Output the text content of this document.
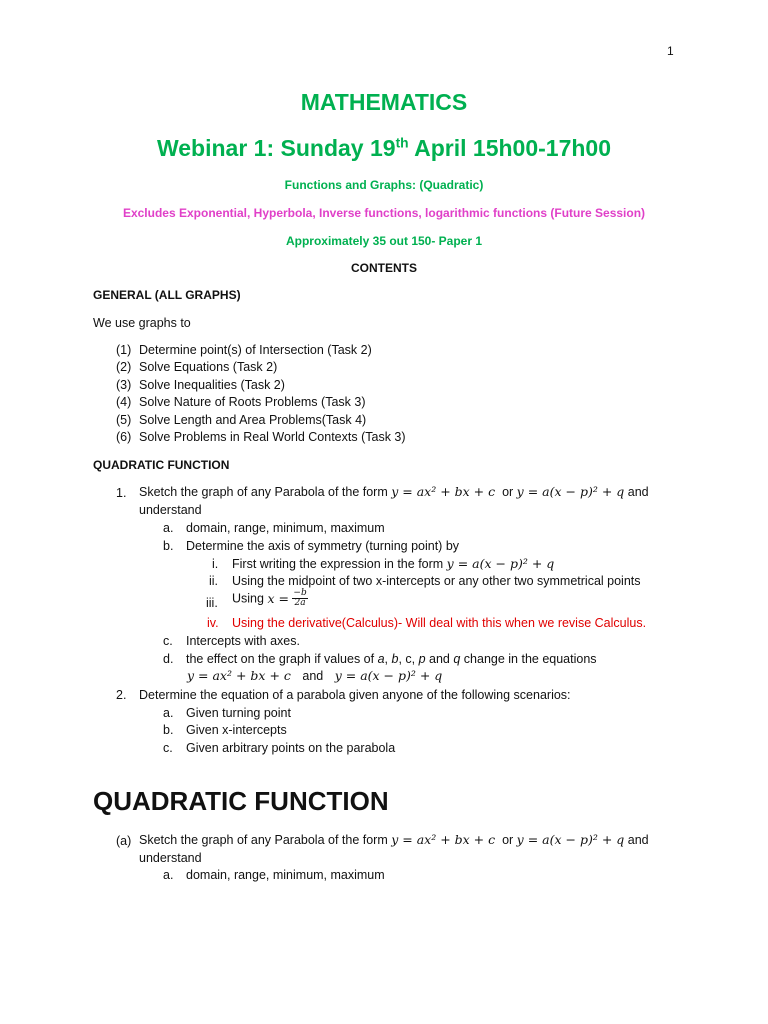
1
MATHEMATICS
Webinar 1: Sunday 19th April 15h00-17h00
Functions and Graphs: (Quadratic)
Excludes Exponential, Hyperbola, Inverse functions, logarithmic functions (Future Session)
Approximately 35 out 150- Paper 1
CONTENTS
GENERAL (ALL GRAPHS)
We use graphs to
(1) Determine point(s) of Intersection (Task 2)
(2) Solve Equations (Task 2)
(3) Solve Inequalities (Task 2)
(4) Solve Nature of Roots Problems (Task 3)
(5) Solve Length and Area Problems(Task 4)
(6) Solve Problems in Real World Contexts (Task 3)
QUADRATIC FUNCTION
1. Sketch the graph of any Parabola of the form y = ax² + bx + c  or y = a(x − p)² + q and
understand
a. domain, range, minimum, maximum
b. Determine the axis of symmetry (turning point) by
i. First writing the expression in the form y = a(x − p)² + q
ii. Using the midpoint of two x-intercepts or any other two symmetrical points
iii. Using $x = \frac{-b}{2a}$
iv. Using the derivative(Calculus)- Will deal with this when we revise Calculus.
c. Intercepts with axes.
d. the effect on the graph if values of a, b, c, p and q change in the equations
y = ax² + bx + c and y = a(x − p)² + q
2. Determine the equation of a parabola given anyone of the following scenarios:
a. Given turning point
b. Given x-intercepts
c. Given arbitrary points on the parabola
QUADRATIC FUNCTION
(a) Sketch the graph of any Parabola of the form y = ax² + bx + c  or y = a(x − p)² + q and
understand
a. domain, range, minimum, maximum
